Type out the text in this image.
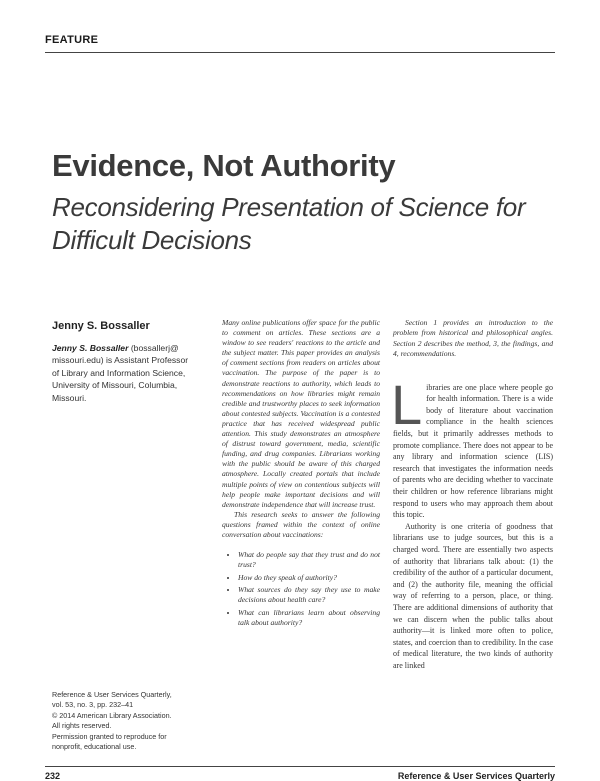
FEATURE
Evidence, Not Authority
Reconsidering Presentation of Science for Difficult Decisions
Jenny S. Bossaller
Jenny S. Bossaller (bossallerj@ missouri.edu) is Assistant Professor of Library and Information Science, University of Missouri, Columbia, Missouri.
Reference & User Services Quarterly,
vol. 53, no. 3, pp. 232–41
© 2014 American Library Association.
All rights reserved.
Permission granted to reproduce for
nonprofit, educational use.

Many online publications offer space for the public to comment on articles. These sections are a window to see readers' reactions to the article and the subject matter. This paper provides an analysis of comment sections from readers on articles about vaccination. The purpose of the paper is to demonstrate reactions to authority, which leads to recommendations on how libraries might remain credible and trustworthy places to seek information about contested subjects. Vaccination is a contested practice that has received widespread public attention. This study demonstrates an atmosphere of distrust toward government, media, scientific funding, and drug companies. Librarians working with the public should be aware of this charged atmosphere. Locally created portals that include multiple points of view on contentious subjects will help people make important decisions and will demonstrate independence that will increase trust.

This research seeks to answer the following questions framed within the context of online conversation about vaccinations:

• What do people say that they trust and do not trust?
• How do they speak of authority?
• What sources do they say they use to make decisions about health care?
• What can librarians learn about observing talk about authority?

Section 1 provides an introduction to the problem from historical and philosophical angles. Section 2 describes the method, 3, the findings, and 4, recommendations.

Libraries are one place where people go for health information. There is a wide body of literature about vaccination compliance in the health sciences fields, but it primarily addresses methods to promote compliance. There does not appear to be any library and information science (LIS) research that investigates the information needs of parents who are deciding whether to vaccinate their children or how reference librarians might respond to users who may approach them about this topic.

Authority is one criteria of goodness that librarians use to judge sources, but this is a charged word. There are essentially two aspects of authority that librarians talk about: (1) the credibility of the author of a particular document, and (2) the authority file, meaning the official way of referring to a person, place, or thing. There are additional dimensions of authority that we can discern when the public talks about authority—it is linked more often to police, states, and coercion than to credibility. In the case of medical literature, the two kinds of authority are linked

232	Reference & User Services Quarterly
